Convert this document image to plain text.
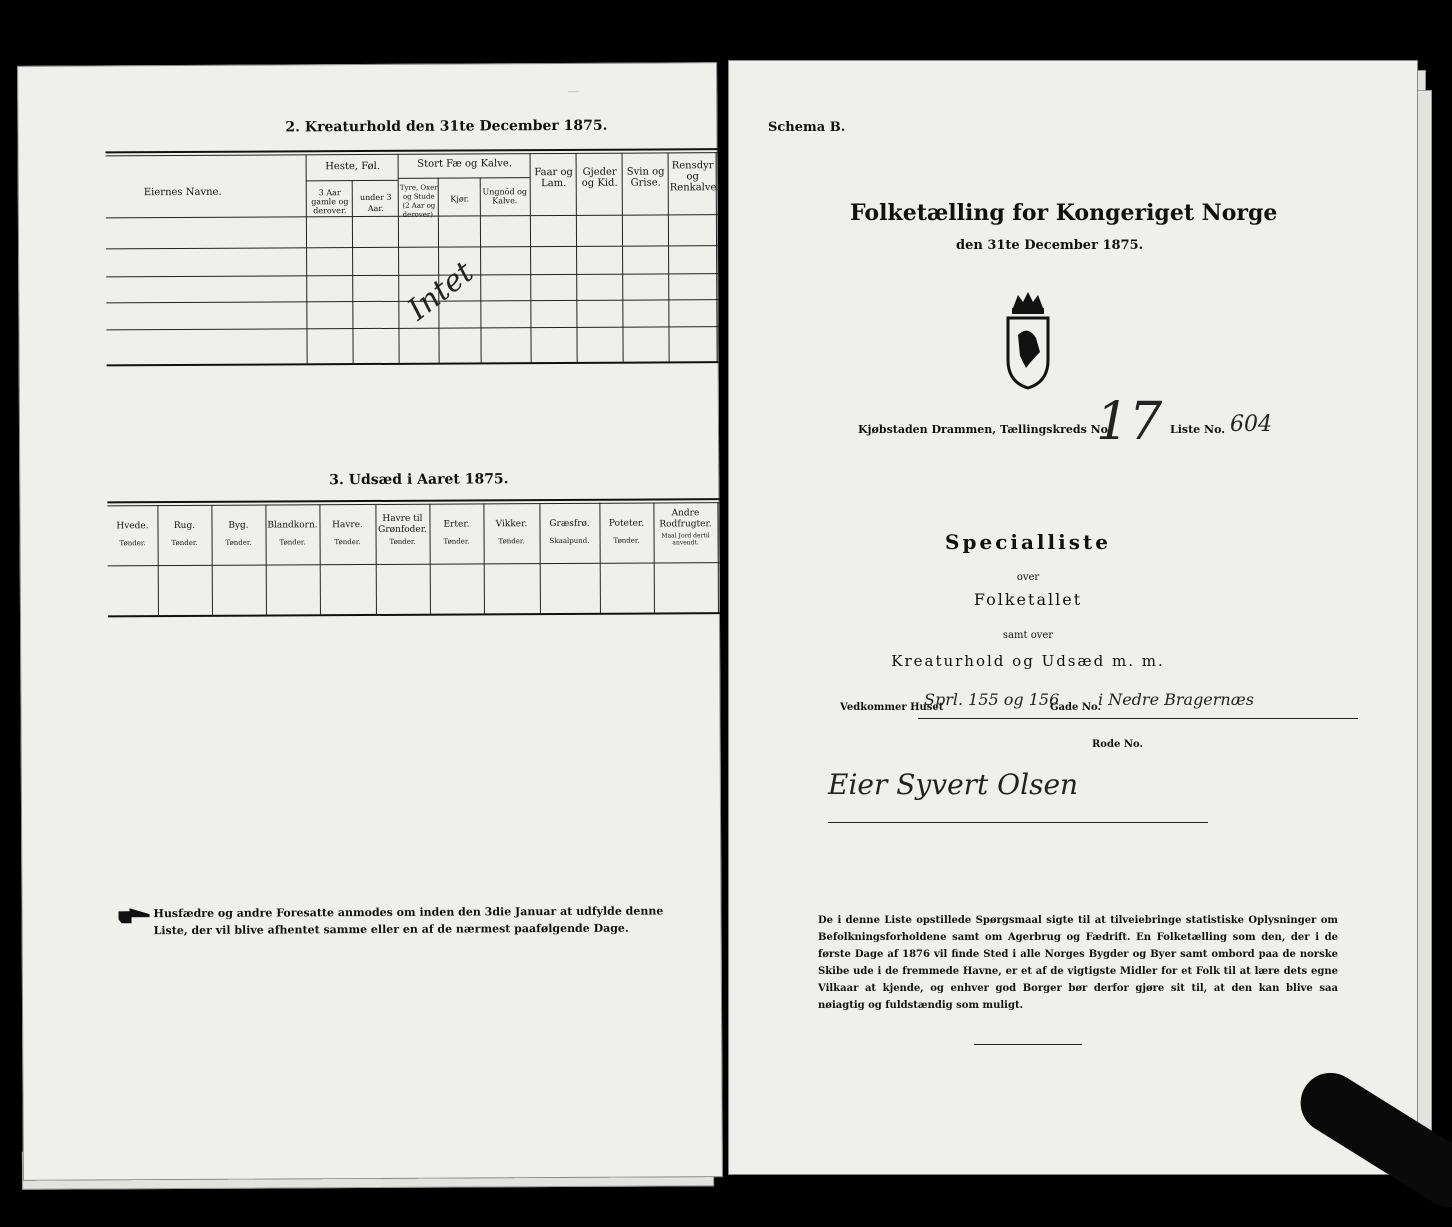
2. Kreaturhold den 31te December 1875.
Eiernes Navne.
Heste, Føl.
3 Aar gamle og derover.
under 3 Aar.
Stort Fæ og Kalve.
Tyre, Oxer og Stude (2 Aar og derover).
Kjør.
Ungnöd og Kalve.
Faar og Lam.
Gjeder og Kid.
Svin og Grise.
Rensdyr og Renkalve.
Intet
—
3. Udsæd i Aaret 1875.
Hvede.
Tønder.
Rug.
Tønder.
Byg.
Tønder.
Blandkorn.
Tønder.
Havre.
Tønder.
Havre til Grønfoder.
Tønder.
Erter.
Tønder.
Vikker.
Tønder.
Græsfrø.
Skaalpund.
Poteter.
Tønder.
Andre Rodfrugter.
Maal Jord dertil anvendt.
Husfædre og andre Foresatte anmodes om inden den 3die Januar at udfylde denne Liste, der vil blive afhentet samme eller en af de nærmest paafølgende Dage.
Schema B.
Folketælling for Kongeriget Norge
den 31te December 1875.
Kjøbstaden Drammen, Tællingskreds No.
17 Liste No. 604
Specialliste
over
Folketallet
samt over
Kreaturhold og Udsæd m. m.
Vedkommer Huset
Sprl. 155 og 156
Gade No.
i Nedre Bragernæs
Rode No.
Eier Syvert Olsen
De i denne Liste opstillede Spørgsmaal sigte til at tilveiebringe statistiske Oplysninger om Befolkningsforholdene samt om Agerbrug og Fædrift. En Folketælling som den, der i de første Dage af 1876 vil finde Sted i alle Norges Bygder og Byer samt ombord paa de norske Skibe ude i de fremmede Havne, er et af de vigtigste Midler for et Folk til at lære dets egne Vilkaar at kjende, og enhver god Borger bør derfor gjøre sit til, at den kan blive saa nøiagtig og fuldstændig som muligt.
